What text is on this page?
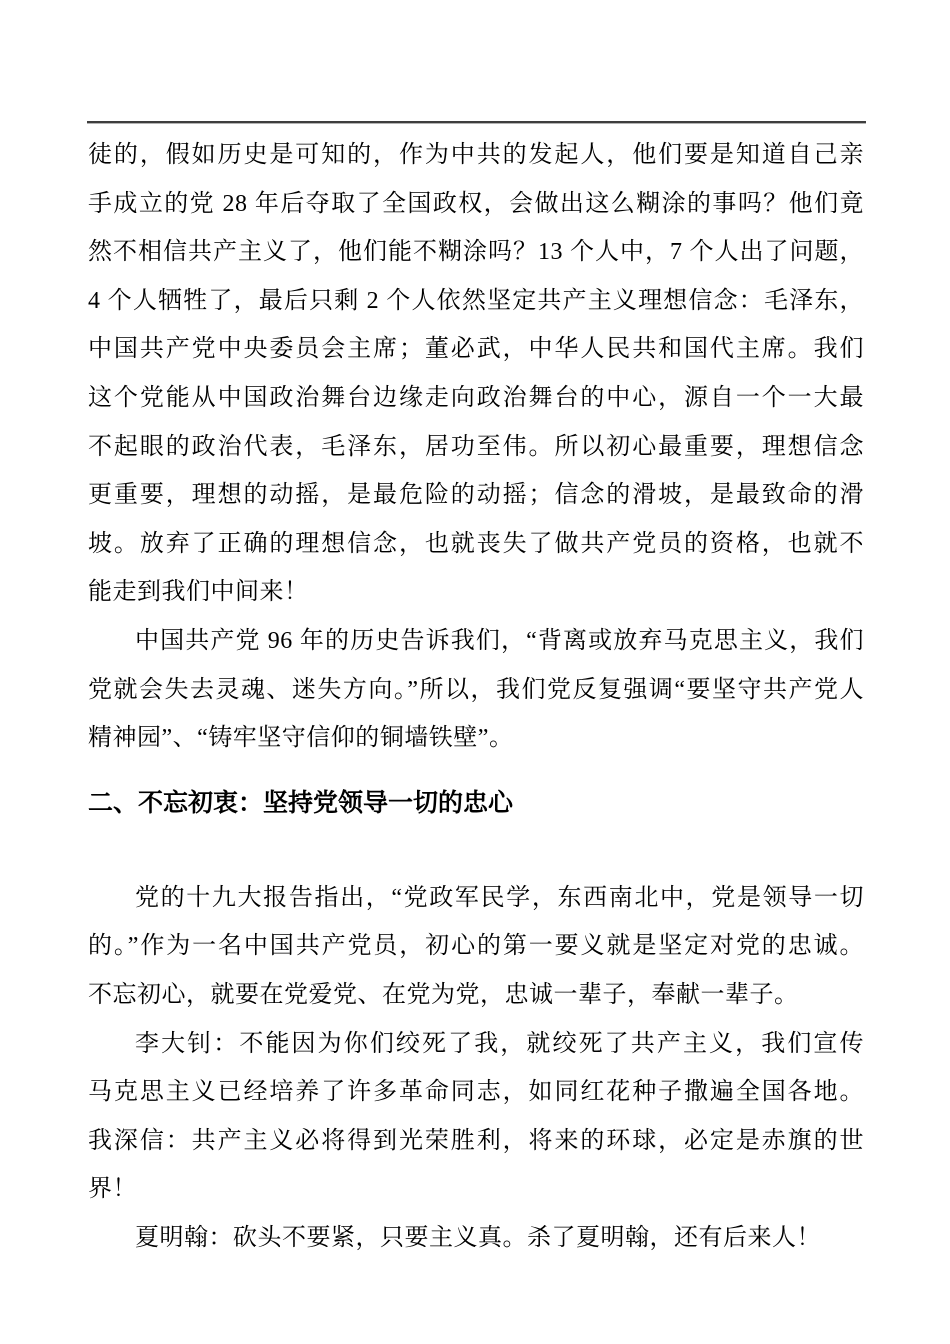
徒的，假如历史是可知的，作为中共的发起人，他们要是知道自己亲
手成立的党 28 年后夺取了全国政权，会做出这么糊涂的事吗？他们竟
然不相信共产主义了，他们能不糊涂吗？13 个人中，7 个人出了问题，
4 个人牺牲了，最后只剩 2 个人依然坚定共产主义理想信念：毛泽东，
中国共产党中央委员会主席；董必武，中华人民共和国代主席。我们
这个党能从中国政治舞台边缘走向政治舞台的中心，源自一个一大最
不起眼的政治代表，毛泽东，居功至伟。所以初心最重要，理想信念
更重要，理想的动摇，是最危险的动摇；信念的滑坡，是最致命的滑
坡。放弃了正确的理想信念，也就丧失了做共产党员的资格，也就不
能走到我们中间来！
中国共产党 96 年的历史告诉我们，“背离或放弃马克思主义，我们
党就会失去灵魂、迷失方向。”所以，我们党反复强调“要坚守共产党人
精神园”、“铸牢坚守信仰的铜墙铁壁”。
二、不忘初衷：坚持党领导一切的忠心
党的十九大报告指出，“党政军民学，东西南北中，党是领导一切
的。”作为一名中国共产党员，初心的第一要义就是坚定对党的忠诚。
不忘初心，就要在党爱党、在党为党，忠诚一辈子，奉献一辈子。
李大钊：不能因为你们绞死了我，就绞死了共产主义，我们宣传
马克思主义已经培养了许多革命同志，如同红花种子撒遍全国各地。
我深信：共产主义必将得到光荣胜利，将来的环球，必定是赤旗的世
界！
夏明翰：砍头不要紧，只要主义真。杀了夏明翰，还有后来人！
